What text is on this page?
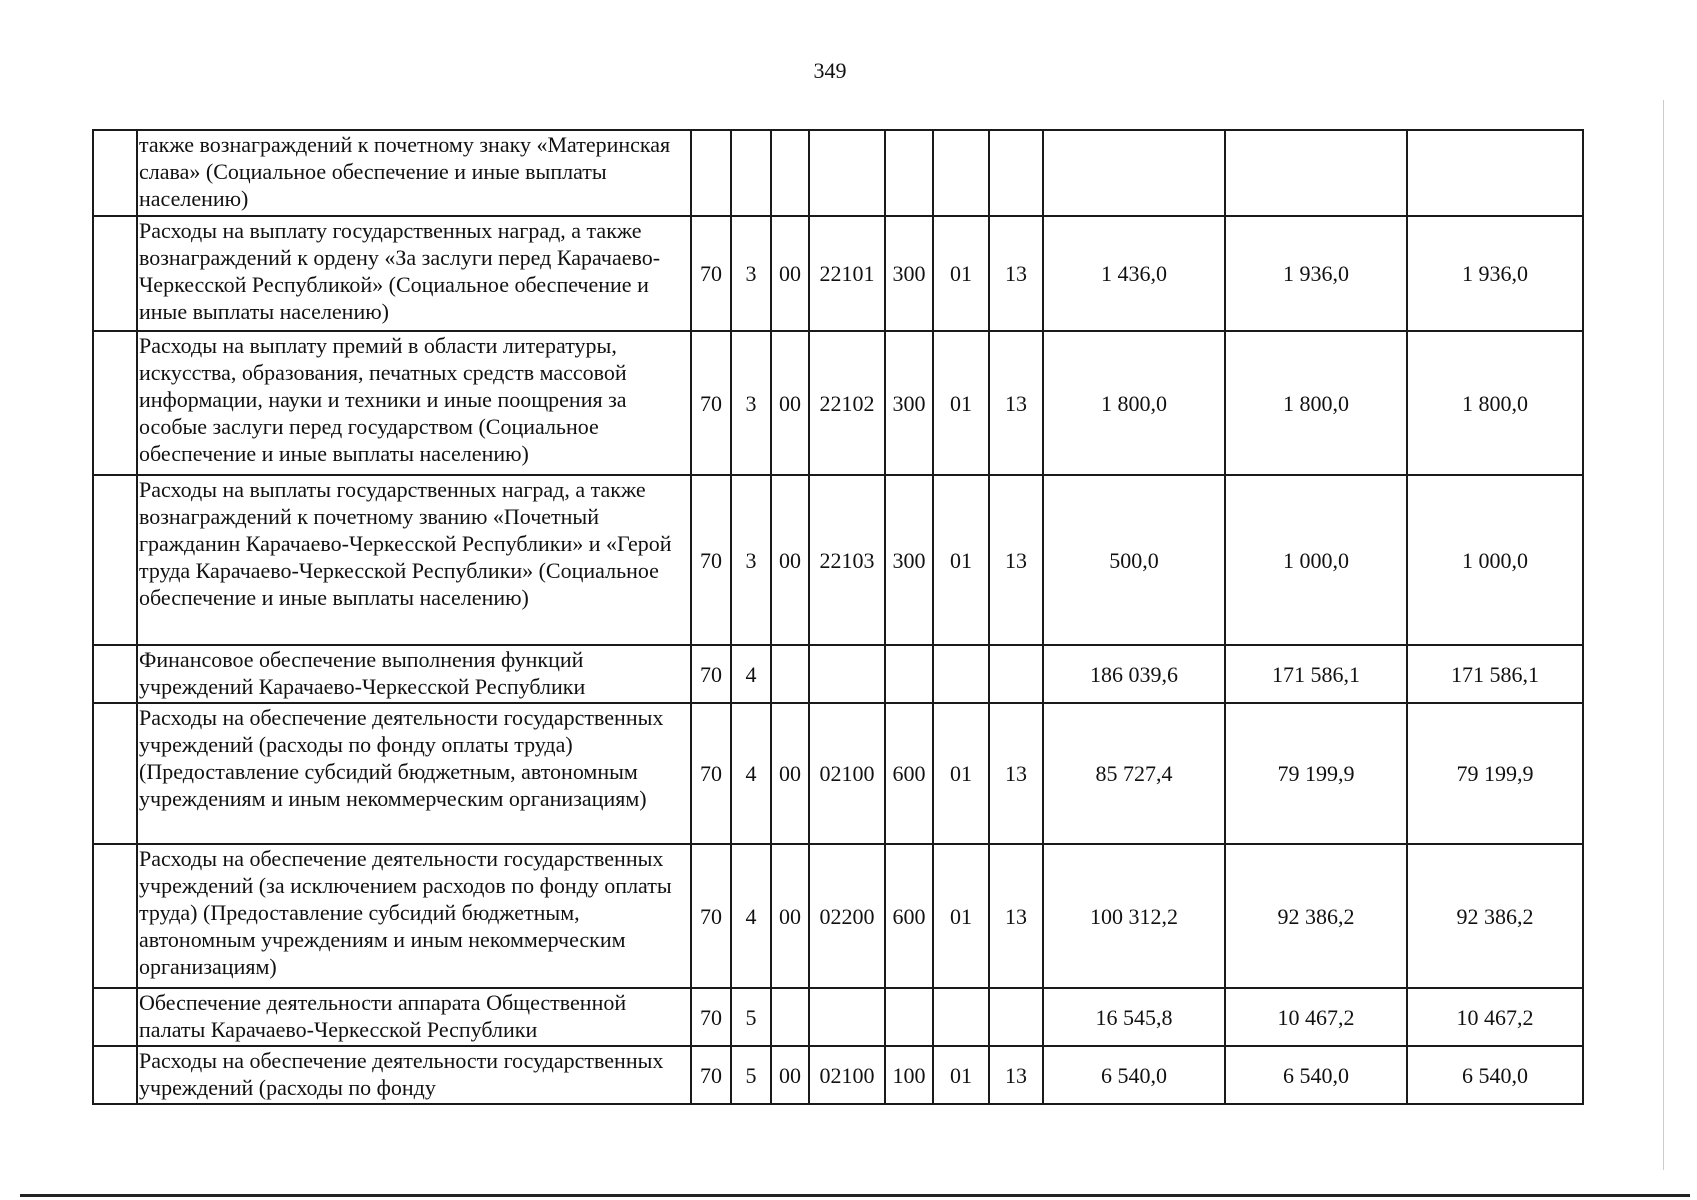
349
	также вознаграждений к почетному знаку «Материнская слава» (Социальное обеспечение и иные выплаты населению)										
	Расходы на выплату государственных наград, а также вознаграждений к ордену «За заслуги перед Карачаево-Черкесской Республикой» (Социальное обеспечение и иные выплаты населению)	70	3	00	22101	300	01	13	1 436,0	1 936,0	1 936,0
	Расходы на выплату премий в области литературы, искусства, образования, печатных средств массовой информации, науки и техники и иные поощрения за особые заслуги перед государством (Социальное обеспечение и иные выплаты населению)	70	3	00	22102	300	01	13	1 800,0	1 800,0	1 800,0
	Расходы на выплаты государственных наград, а также вознаграждений к почетному званию «Почетный гражданин Карачаево-Черкесской Республики» и «Герой труда Карачаево-Черкесской Республики» (Социальное обеспечение и иные выплаты населению)	70	3	00	22103	300	01	13	500,0	1 000,0	1 000,0
	Финансовое обеспечение выполнения функций учреждений Карачаево-Черкесской Республики	70	4						186 039,6	171 586,1	171 586,1
	Расходы на обеспечение деятельности государственных учреждений (расходы по фонду оплаты труда) (Предоставление субсидий бюджетным, автономным учреждениям и иным некоммерческим организациям)	70	4	00	02100	600	01	13	85 727,4	79 199,9	79 199,9
	Расходы на обеспечение деятельности государственных учреждений (за исключением расходов по фонду оплаты труда) (Предоставление субсидий бюджетным, автономным учреждениям и иным некоммерческим организациям)	70	4	00	02200	600	01	13	100 312,2	92 386,2	92 386,2
	Обеспечение деятельности аппарата Общественной палаты Карачаево-Черкесской Республики	70	5						16 545,8	10 467,2	10 467,2
	Расходы на обеспечение деятельности государственных учреждений (расходы по фонду	70	5	00	02100	100	01	13	6 540,0	6 540,0	6 540,0
